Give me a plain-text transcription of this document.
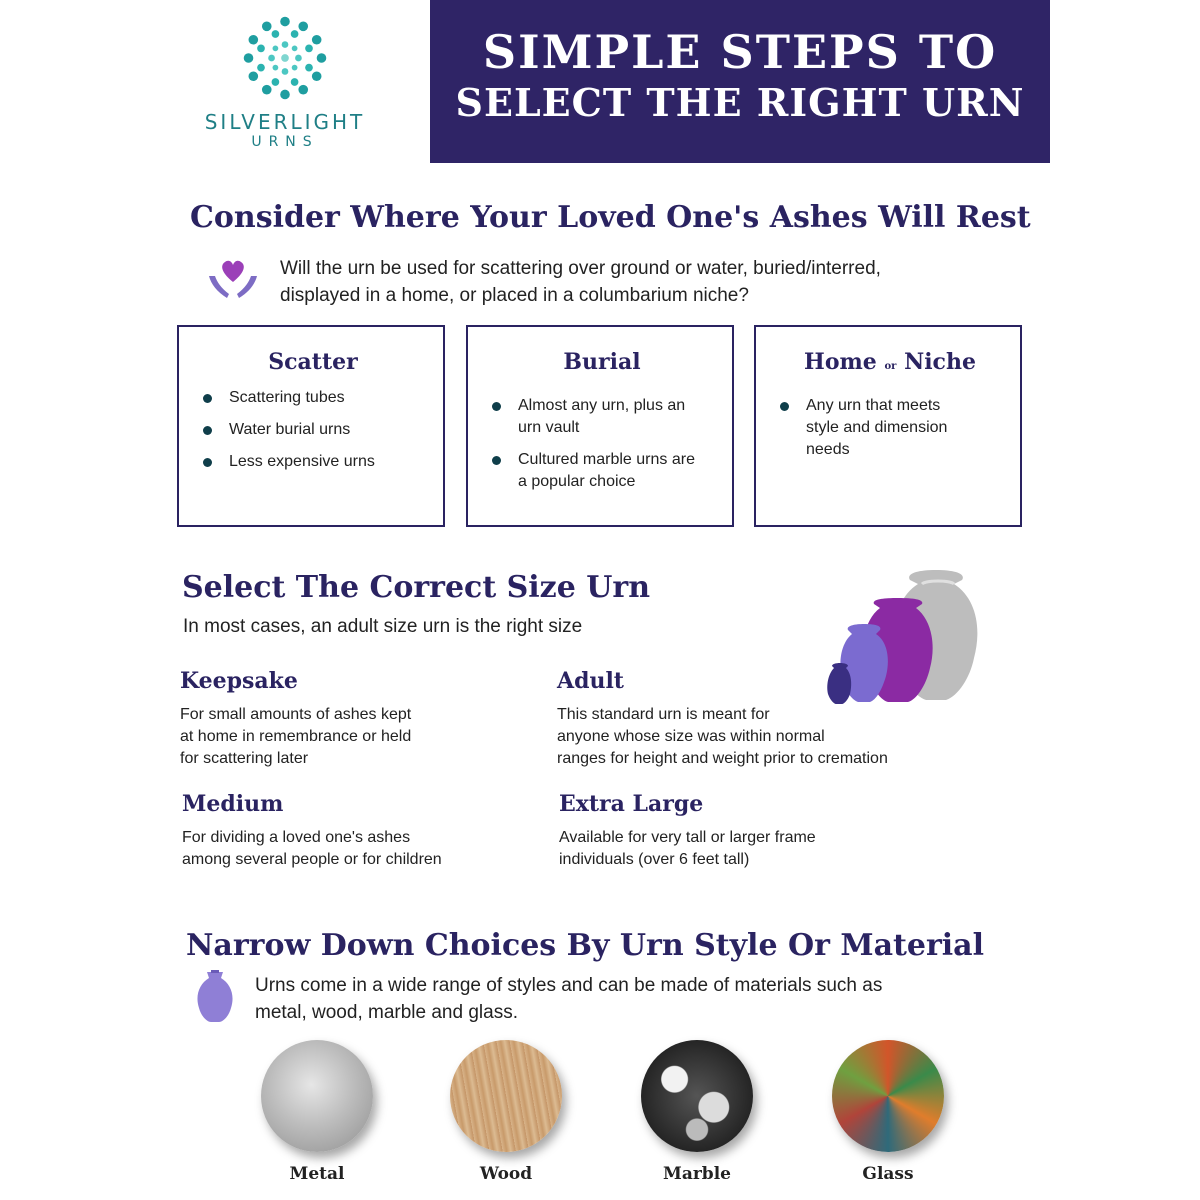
SILVERLIGHT
URNS
SIMPLE STEPS TO
SELECT THE RIGHT URN
Consider Where Your Loved One's Ashes Will Rest
Will the urn be used for scattering over ground or water, buried/interred,
displayed in a home, or placed in a columbarium niche?
Scatter
Scattering tubes
Water burial urns
Less expensive urns
Burial
Almost any urn, plus an urn vault
Cultured marble urns are a popular choice
Home or Niche
Any urn that meets style and dimension needs
Select The Correct Size Urn
In most cases, an adult size urn is the right size
Keepsake
For small amounts of ashes kept
at home in remembrance or held
for scattering later
Adult
This standard urn is meant for
anyone whose size was within normal
ranges for height and weight prior to cremation
Medium
For dividing a loved one's ashes
among several people or for children
Extra Large
Available for very tall or larger frame
individuals (over 6 feet tall)
Narrow Down Choices By Urn Style Or Material
Urns come in a wide range of styles and can be made of materials such as
metal, wood, marble and glass.
Metal	Wood	Marble	Glass
